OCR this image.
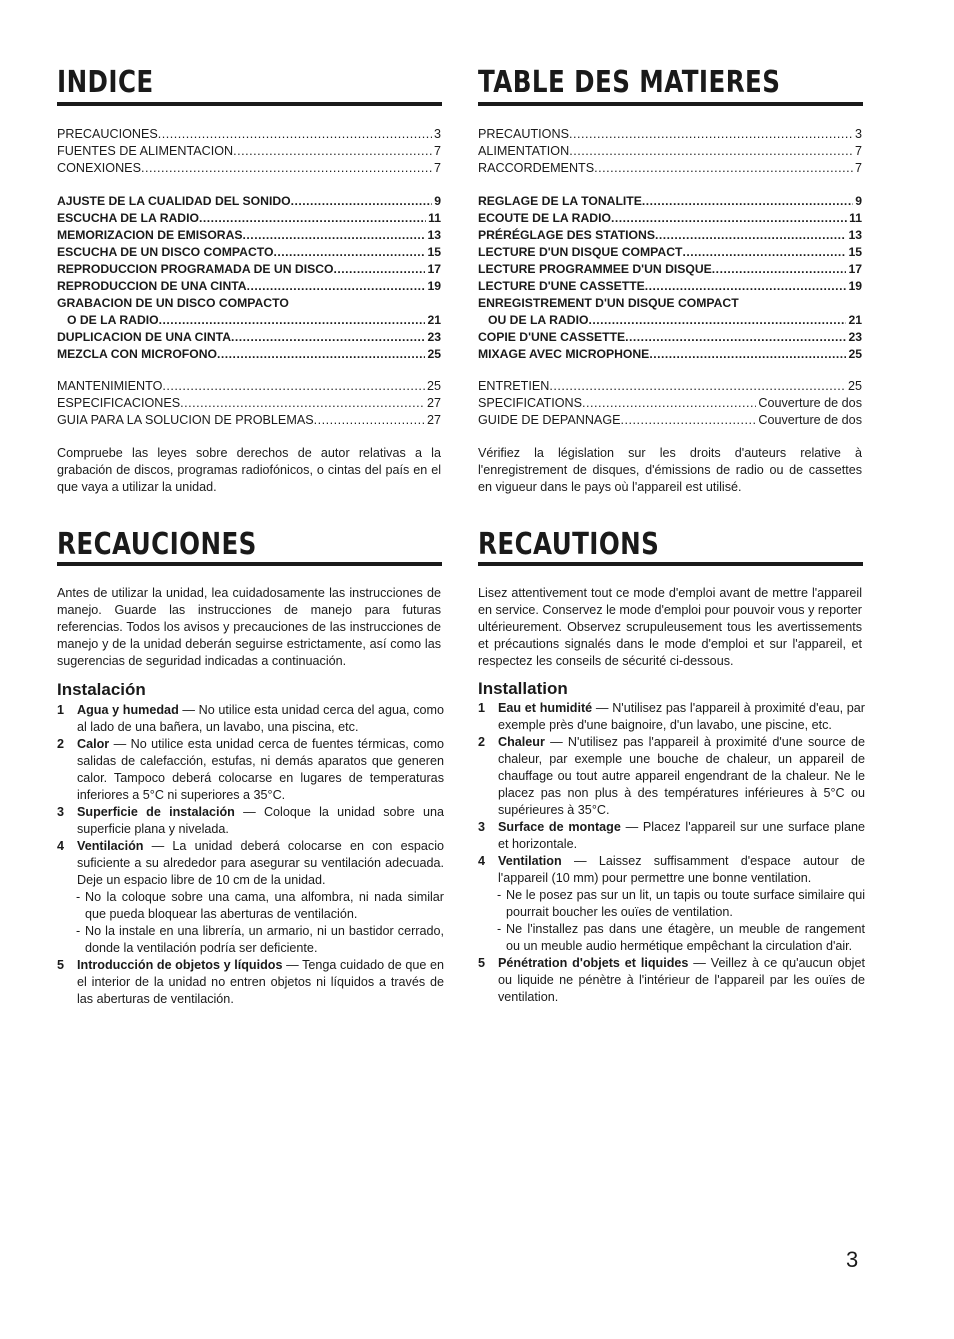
INDICE
PRECAUCIONES .....	3
FUENTES DE ALIMENTACION .....	7
CONEXIONES .....	7
AJUSTE DE LA CUALIDAD DEL SONIDO .....	9
ESCUCHA DE LA RADIO .....	11
MEMORIZACION DE EMISORAS .....	13
ESCUCHA DE UN DISCO COMPACTO .....	15
REPRODUCCION PROGRAMADA DE UN DISCO .....	17
REPRODUCCION DE UNA CINTA .....	19
GRABACION DE UN DISCO COMPACTO
O DE LA RADIO .....	21
DUPLICACION DE UNA CINTA .....	23
MEZCLA CON MICROFONO .....	25
MANTENIMIENTO .....	25
ESPECIFICACIONES .....	27
GUIA PARA LA SOLUCION DE PROBLEMAS .....	27
Compruebe las leyes sobre derechos de autor relativas a la grabación de discos, programas radiofónicos, o cintas del país en el que vaya a utilizar la unidad.
RECAUCIONES
Antes de utilizar la unidad, lea cuidadosamente las instrucciones de manejo. Guarde las instrucciones de manejo para futuras referencias. Todos los avisos y precauciones de las instrucciones de manejo y de la unidad deberán seguirse estrictamente, así como las sugerencias de seguridad indicadas a continuación.
Instalación
1 Agua y humedad — No utilice esta unidad cerca del agua, como al lado de una bañera, un lavabo, una piscina, etc.
2 Calor — No utilice esta unidad cerca de fuentes térmicas, como salidas de calefacción, estufas, ni demás aparatos que generen calor. Tampoco deberá colocarse en lugares de temperaturas inferiores a 5°C ni superiores a 35°C.
3 Superficie de instalación — Coloque la unidad sobre una superficie plana y nivelada.
4 Ventilación — La unidad deberá colocarse en con espacio suficiente a su alrededor para asegurar su ventilación adecuada. Deje un espacio libre de 10 cm de la unidad.
- No la coloque sobre una cama, una alfombra, ni nada similar que pueda bloquear las aberturas de ventilación.
- No la instale en una librería, un armario, ni un bastidor cerrado, donde la ventilación podría ser deficiente.
5 Introducción de objetos y líquidos — Tenga cuidado de que en el interior de la unidad no entren objetos ni líquidos a través de las aberturas de ventilación.
TABLE DES MATIERES
PRECAUTIONS .....	3
ALIMENTATION .....	7
RACCORDEMENTS .....	7
REGLAGE DE LA TONALITE .....	9
ECOUTE DE LA RADIO .....	11
PRÉRÉGLAGE DES STATIONS .....	13
LECTURE D'UN DISQUE COMPACT .....	15
LECTURE PROGRAMMEE D'UN DISQUE .....	17
LECTURE D'UNE CASSETTE .....	19
ENREGISTREMENT D'UN DISQUE COMPACT
OU DE LA RADIO .....	21
COPIE D'UNE CASSETTE .....	23
MIXAGE AVEC MICROPHONE .....	25
ENTRETIEN .....	25
SPECIFICATIONS .....	Couverture de dos
GUIDE DE DEPANNAGE .....	Couverture de dos
Vérifiez la législation sur les droits d'auteurs relative à l'enregistrement de disques, d'émissions de radio ou de cassettes en vigueur dans le pays où l'appareil est utilisé.
RECAUTIONS
Lisez attentivement tout ce mode d'emploi avant de mettre l'appareil en service. Conservez le mode d'emploi pour pouvoir vous y reporter ultérieurement. Observez scrupuleusement tous les avertissements et précautions signalés dans le mode d'emploi et sur l'appareil, et respectez les conseils de sécurité ci-dessous.
Installation
1 Eau et humidité — N'utilisez pas l'appareil à proximité d'eau, par exemple près d'une baignoire, d'un lavabo, une piscine, etc.
2 Chaleur — N'utilisez pas l'appareil à proximité d'une source de chaleur, par exemple une bouche de chaleur, un appareil de chauffage ou tout autre appareil engendrant de la chaleur. Ne le placez pas non plus à des températures inférieures à 5°C ou supérieures à 35°C.
3 Surface de montage — Placez l'appareil sur une surface plane et horizontale.
4 Ventilation — Laissez suffisamment d'espace autour de l'appareil (10 mm) pour permettre une bonne ventilation.
- Ne le posez pas sur un lit, un tapis ou toute surface similaire qui pourrait boucher les ouïes de ventilation.
- Ne l'installez pas dans une étagère, un meuble de rangement ou un meuble audio hermétique empêchant la circulation d'air.
5 Pénétration d'objets et liquides — Veillez à ce qu'aucun objet ou liquide ne pénètre à l'intérieur de l'appareil par les ouïes de ventilation.
3
